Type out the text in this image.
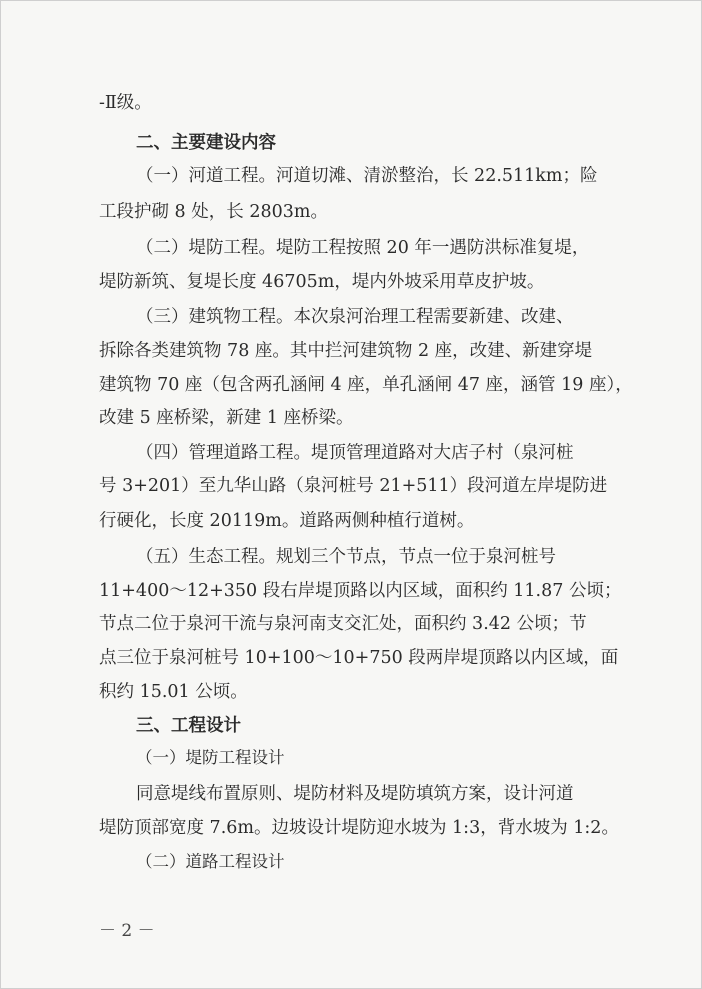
-Ⅱ级。

二、主要建设内容

（一）河道工程。河道切滩、清淤整治，长 22.511km；险

工段护砌 8 处，长 2803m。

（二）堤防工程。堤防工程按照 20 年一遇防洪标准复堤，

堤防新筑、复堤长度 46705m，堤内外坡采用草皮护坡。

（三）建筑物工程。本次泉河治理工程需要新建、改建、

拆除各类建筑物 78 座。其中拦河建筑物 2 座，改建、新建穿堤

建筑物 70 座（包含两孔涵闸 4 座，单孔涵闸 47 座，涵管 19 座），

改建 5 座桥梁，新建 1 座桥梁。

（四）管理道路工程。堤顶管理道路对大店子村（泉河桩

号 3+201）至九华山路（泉河桩号 21+511）段河道左岸堤防进

行硬化，长度 20119m。道路两侧种植行道树。

（五）生态工程。规划三个节点，节点一位于泉河桩号

11+400～12+350 段右岸堤顶路以内区域，面积约 11.87 公顷；

节点二位于泉河干流与泉河南支交汇处，面积约 3.42 公顷；节

点三位于泉河桩号 10+100～10+750 段两岸堤顶路以内区域，面

积约 15.01 公顷。

三、工程设计

（一）堤防工程设计

同意堤线布置原则、堤防材料及堤防填筑方案，设计河道

堤防顶部宽度 7.6m。边坡设计堤防迎水坡为 1:3，背水坡为 1:2。

（二）道路工程设计

－ 2 －
